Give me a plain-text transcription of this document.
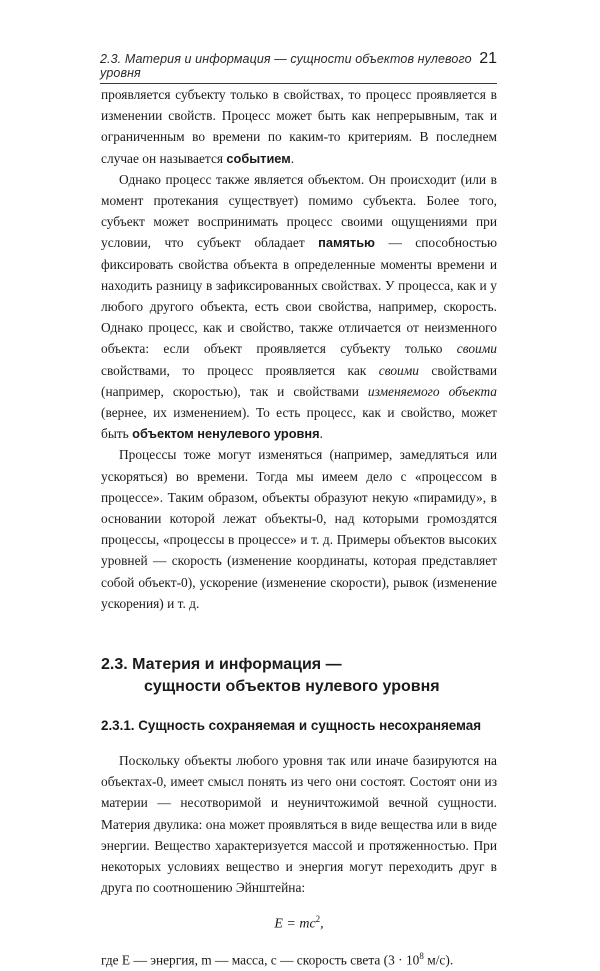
2.3. Материя и информация — сущности объектов нулевого уровня
21

проявляется субъекту только в свойствах, то процесс проявляется в изменении свойств. Процесс может быть как непрерывным, так и ограниченным во времени по каким-то критериям. В последнем случае он называется событием.

Однако процесс также является объектом. Он происходит (или в момент протекания существует) помимо субъекта. Более того, субъект может воспринимать процесс своими ощущениями при условии, что субъект обладает памятью — способностью фиксировать свойства объекта в определенные моменты времени и находить разницу в зафиксированных свойствах. У процесса, как и у любого другого объекта, есть свои свойства, например, скорость. Однако процесс, как и свойство, также отличается от неизменного объекта: если объект проявляется субъекту только своими свойствами, то процесс проявляется как своими свойствами (например, скоростью), так и свойствами изменяемого объекта (вернее, их изменением). То есть процесс, как и свойство, может быть объектом ненулевого уровня.

Процессы тоже могут изменяться (например, замедляться или ускоряться) во времени. Тогда мы имеем дело с «процессом в процессе». Таким образом, объекты образуют некую «пирамиду», в основании которой лежат объекты-0, над которыми громоздятся процессы, «процессы в процессе» и т. д. Примеры объектов высоких уровней — скорость (изменение координаты, которая представляет собой объект-0), ускорение (изменение скорости), рывок (изменение ускорения) и т. д.

2.3. Материя и информация —
сущности объектов нулевого уровня
2.3.1. Сущность сохраняемая и сущность несохраняемая

Поскольку объекты любого уровня так или иначе базируются на объектах-0, имеет смысл понять из чего они состоят. Состоят они из материи — несотворимой и неуничтожимой вечной сущности. Материя двулика: она может проявляться в виде вещества или в виде энергии. Вещество характеризуется массой и протяженностью. При некоторых условиях вещество и энергия могут переходить друг в друга по соотношению Эйнштейна:

$E = mc^2$,

где E — энергия, m — масса, c — скорость света ($3 \cdot 10^8$ м/с).
